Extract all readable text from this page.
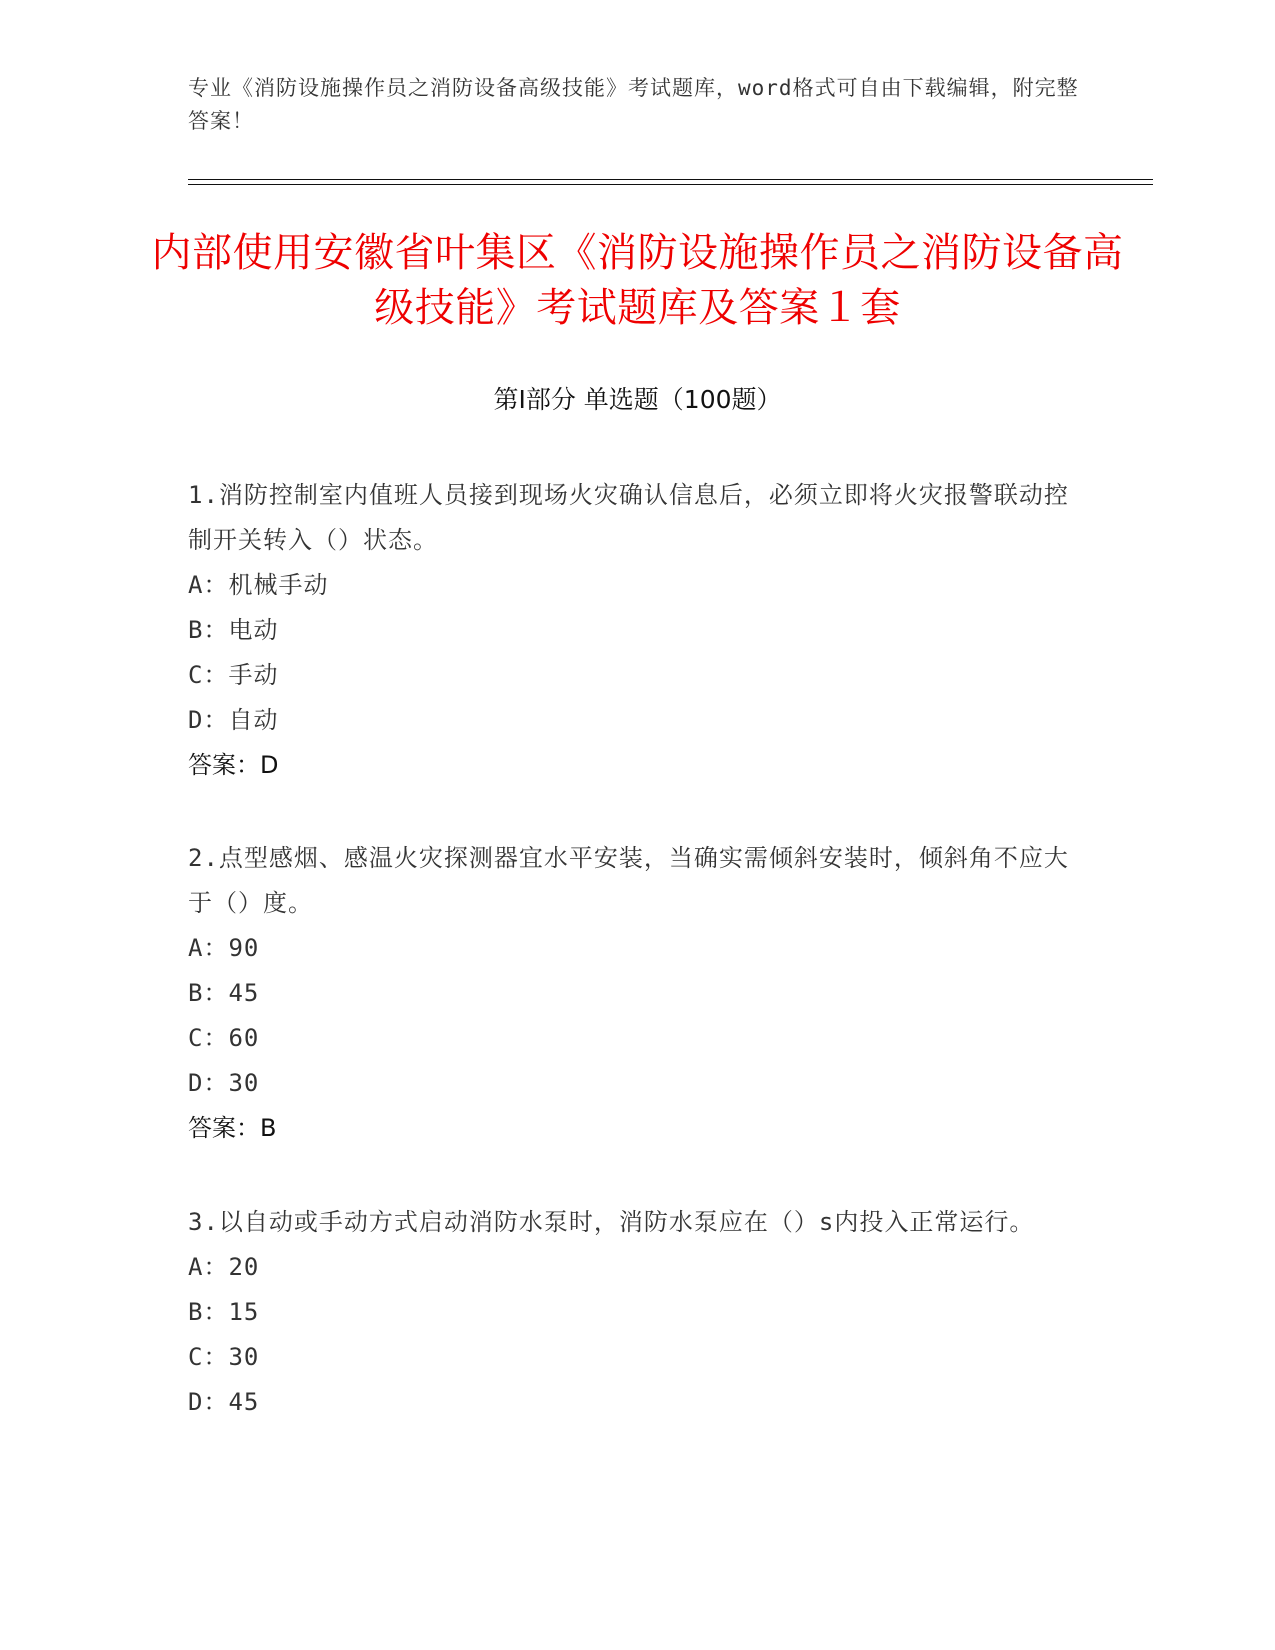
专业《消防设施操作员之消防设备高级技能》考试题库，word格式可自由下载编辑，附完整答案！
内部使用安徽省叶集区《消防设施操作员之消防设备高级技能》考试题库及答案１套
第Ⅰ部分 单选题（100题）
1.消防控制室内值班人员接到现场火灾确认信息后，必须立即将火灾报警联动控制开关转入（）状态。
A：机械手动
B：电动
C：手动
D：自动
答案：D
2.点型感烟、感温火灾探测器宜水平安装，当确实需倾斜安装时，倾斜角不应大于（）度。
A：90
B：45
C：60
D：30
答案：B
3.以自动或手动方式启动消防水泵时，消防水泵应在（）s内投入正常运行。
A：20
B：15
C：30
D：45
